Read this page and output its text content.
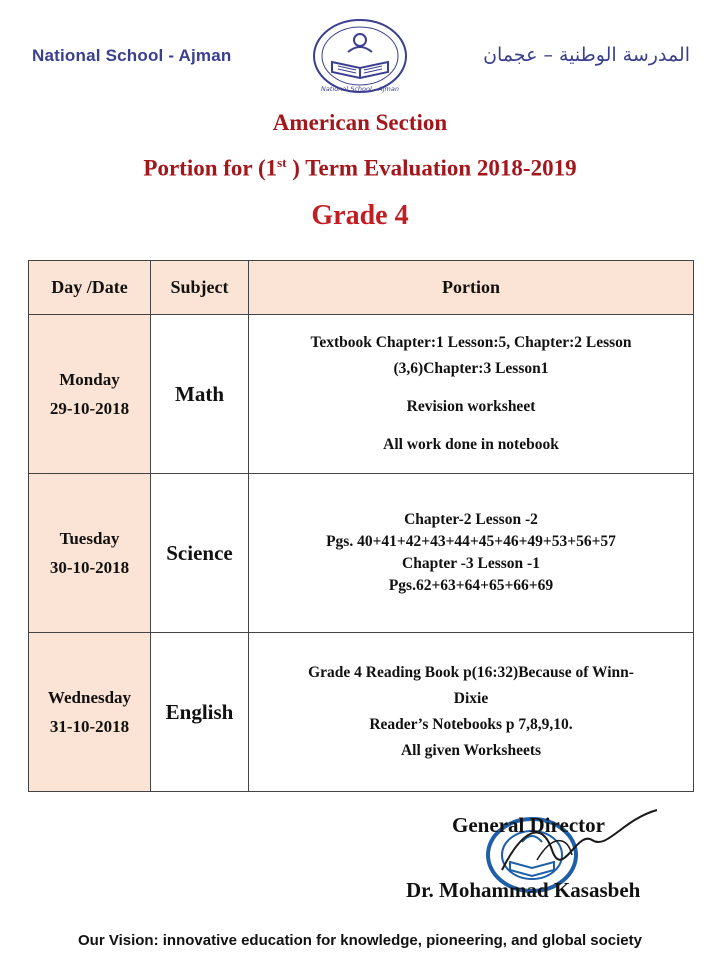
National School - Ajman
National School - Ajman
المدرسة الوطنية – عجمان
American Section
Portion for (1st ) Term Evaluation 2018-2019
Grade 4
Day /Date	Subject	Portion

Monday
29-10-2018	Math	Textbook Chapter:1 Lesson:5, Chapter:2 Lesson
(3,6)Chapter:3 Lesson1
Revision worksheet
All work done in notebook

Tuesday
30-10-2018	Science	Chapter-2 Lesson -2
Pgs. 40+41+42+43+44+45+46+49+53+56+57
Chapter -3 Lesson -1
Pgs.62+63+64+65+66+69

Wednesday
31-10-2018	English	Grade 4 Reading Book p(16:32)Because of Winn-
Dixie
Reader’s Notebooks p 7,8,9,10.
All given Worksheets
General Director
Dr. Mohammad Kasasbeh
Our Vision: innovative education for knowledge, pioneering, and global society
